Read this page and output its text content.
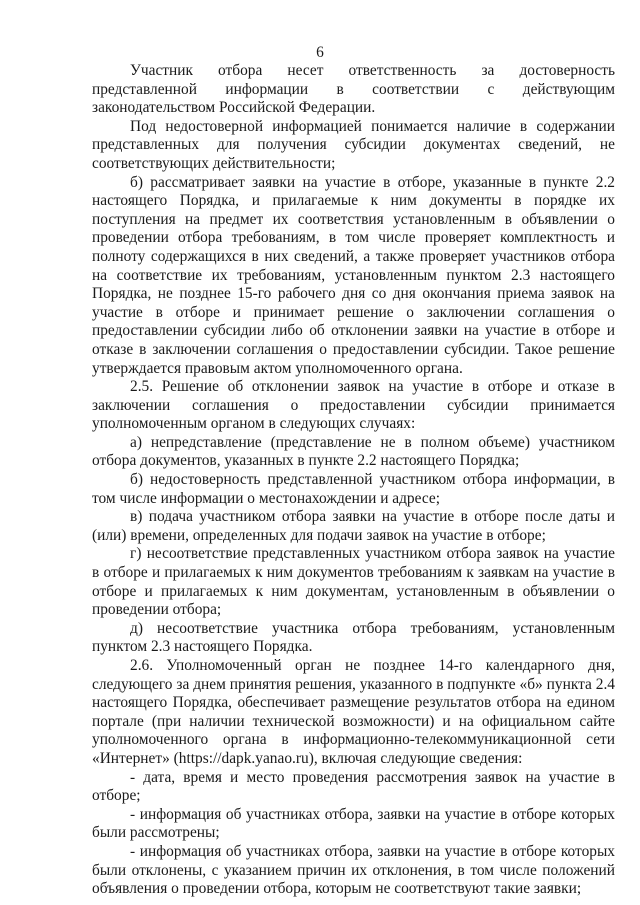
6

Участник отбора несет ответственность за достоверность представленной информации в соответствии с действующим законодательством Российской Федерации.

Под недостоверной информацией понимается наличие в содержании представленных для получения субсидии документах сведений, не соответствующих действительности;

б) рассматривает заявки на участие в отборе, указанные в пункте 2.2 настоящего Порядка, и прилагаемые к ним документы в порядке их поступления на предмет их соответствия установленным в объявлении о проведении отбора требованиям, в том числе проверяет комплектность и полноту содержащихся в них сведений, а также проверяет участников отбора на соответствие их требованиям, установленным пунктом 2.3 настоящего Порядка, не позднее 15-го рабочего дня со дня окончания приема заявок на участие в отборе и принимает решение о заключении соглашения о предоставлении субсидии либо об отклонении заявки на участие в отборе и отказе в заключении соглашения о предоставлении субсидии. Такое решение утверждается правовым актом уполномоченного органа.

2.5. Решение об отклонении заявок на участие в отборе и отказе в заключении соглашения о предоставлении субсидии принимается уполномоченным органом в следующих случаях:

а) непредставление (представление не в полном объеме) участником отбора документов, указанных в пункте 2.2 настоящего Порядка;

б) недостоверность представленной участником отбора информации, в том числе информации о местонахождении и адресе;

в) подача участником отбора заявки на участие в отборе после даты и (или) времени, определенных для подачи заявок на участие в отборе;

г) несоответствие представленных участником отбора заявок на участие в отборе и прилагаемых к ним документов требованиям к заявкам на участие в отборе и прилагаемых к ним документам, установленным в объявлении о проведении отбора;

д) несоответствие участника отбора требованиям, установленным пунктом 2.3 настоящего Порядка.

2.6. Уполномоченный орган не позднее 14-го календарного дня, следующего за днем принятия решения, указанного в подпункте «б» пункта 2.4 настоящего Порядка, обеспечивает размещение результатов отбора на едином портале (при наличии технической возможности) и на официальном сайте уполномоченного органа в информационно-телекоммуникационной сети «Интернет» (https://dapk.yanao.ru), включая следующие сведения:

- дата, время и место проведения рассмотрения заявок на участие в отборе;

- информация об участниках отбора, заявки на участие в отборе которых были рассмотрены;

- информация об участниках отбора, заявки на участие в отборе которых были отклонены, с указанием причин их отклонения, в том числе положений объявления о проведении отбора, которым не соответствуют такие заявки;
